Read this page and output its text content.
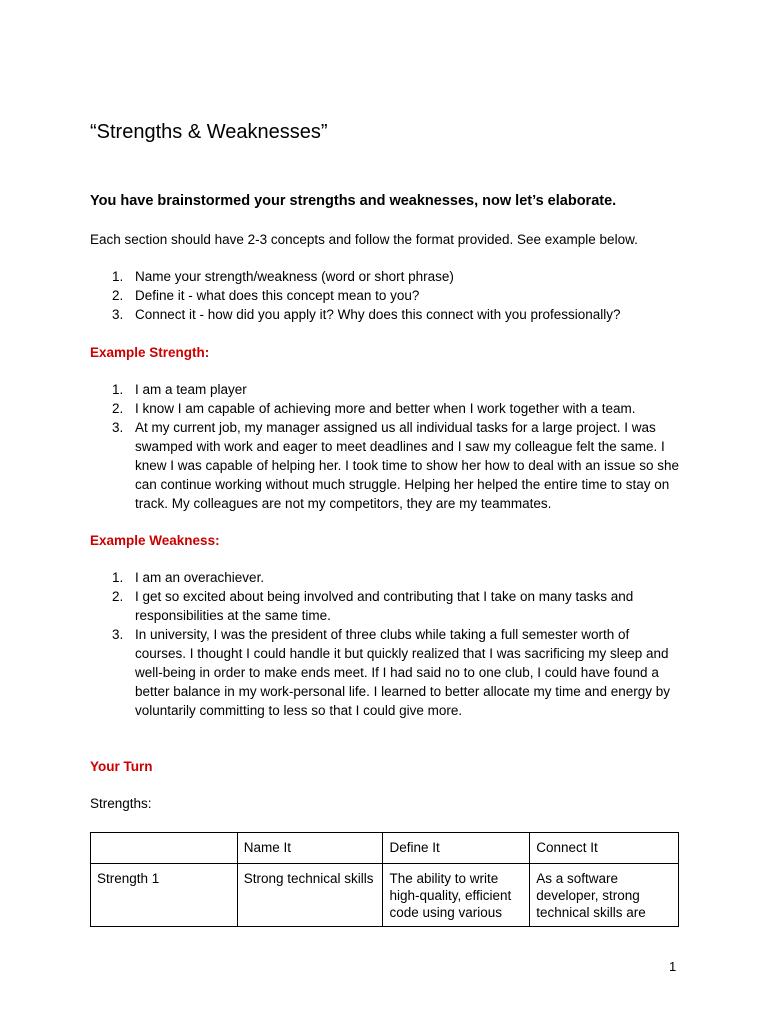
“Strengths & Weaknesses”
You have brainstormed your strengths and weaknesses, now let’s elaborate.

Each section should have 2-3 concepts and follow the format provided. See example below.

1. Name your strength/weakness (word or short phrase)
2. Define it - what does this concept mean to you?
3. Connect it - how did you apply it? Why does this connect with you professionally?
Example Strength:
1. I am a team player
2. I know I am capable of achieving more and better when I work together with a team.
3. At my current job, my manager assigned us all individual tasks for a large project. I was swamped with work and eager to meet deadlines and I saw my colleague felt the same. I knew I was capable of helping her. I took time to show her how to deal with an issue so she can continue working without much struggle. Helping her helped the entire time to stay on track. My colleagues are not my competitors, they are my teammates.
Example Weakness:
1. I am an overachiever.
2. I get so excited about being involved and contributing that I take on many tasks and responsibilities at the same time.
3. In university, I was the president of three clubs while taking a full semester worth of courses. I thought I could handle it but quickly realized that I was sacrificing my sleep and well-being in order to make ends meet. If I had said no to one club, I could have found a better balance in my work-personal life. I learned to better allocate my time and energy by voluntarily committing to less so that I could give more.
Your Turn

Strengths:

	Name It	Define It	Connect It
Strength 1	Strong technical skills	The ability to write high-quality, efficient code using various	As a software developer, strong technical skills are
1
